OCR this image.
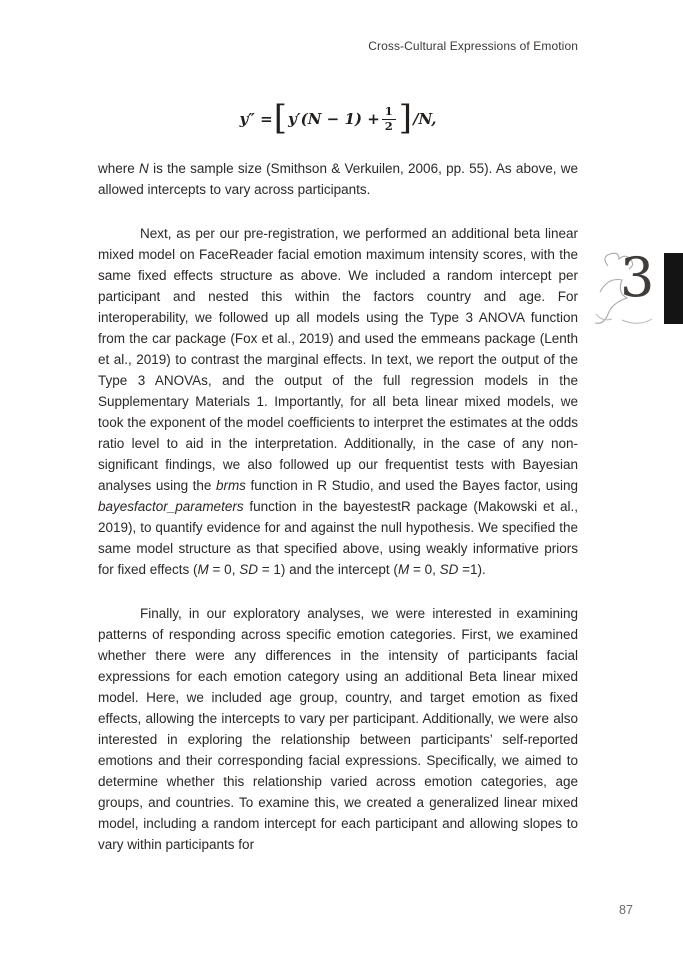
Cross-Cultural Expressions of Emotion
y″ = [ $y'(N - 1) + \frac{1}{2}$ ] /N,

where N is the sample size (Smithson & Verkuilen, 2006, pp. 55). As above, we allowed intercepts to vary across participants.

Next, as per our pre-registration, we performed an additional beta linear mixed model on FaceReader facial emotion maximum intensity scores, with the same fixed effects structure as above. We included a random intercept per participant and nested this within the factors country and age. For interoperability, we followed up all models using the Type 3 ANOVA function from the car package (Fox et al., 2019) and used the emmeans package (Lenth et al., 2019) to contrast the marginal effects. In text, we report the output of the Type 3 ANOVAs, and the output of the full regression models in the Supplementary Materials 1. Importantly, for all beta linear mixed models, we took the exponent of the model coefficients to interpret the estimates at the odds ratio level to aid in the interpretation. Additionally, in the case of any non-significant findings, we also followed up our frequentist tests with Bayesian analyses using the brms function in R Studio, and used the Bayes factor, using bayesfactor_parameters function in the bayestestR package (Makowski et al., 2019), to quantify evidence for and against the null hypothesis. We specified the same model structure as that specified above, using weakly informative priors for fixed effects (M = 0, SD = 1) and the intercept (M = 0, SD =1).

Finally, in our exploratory analyses, we were interested in examining patterns of responding across specific emotion categories. First, we examined whether there were any differences in the intensity of participants facial expressions for each emotion category using an additional Beta linear mixed model. Here, we included age group, country, and target emotion as fixed effects, allowing the intercepts to vary per participant. Additionally, we were also interested in exploring the relationship between participants’ self-reported emotions and their corresponding facial expressions. Specifically, we aimed to determine whether this relationship varied across emotion categories, age groups, and countries. To examine this, we created a generalized linear mixed model, including a random intercept for each participant and allowing slopes to vary within participants for

3
87
